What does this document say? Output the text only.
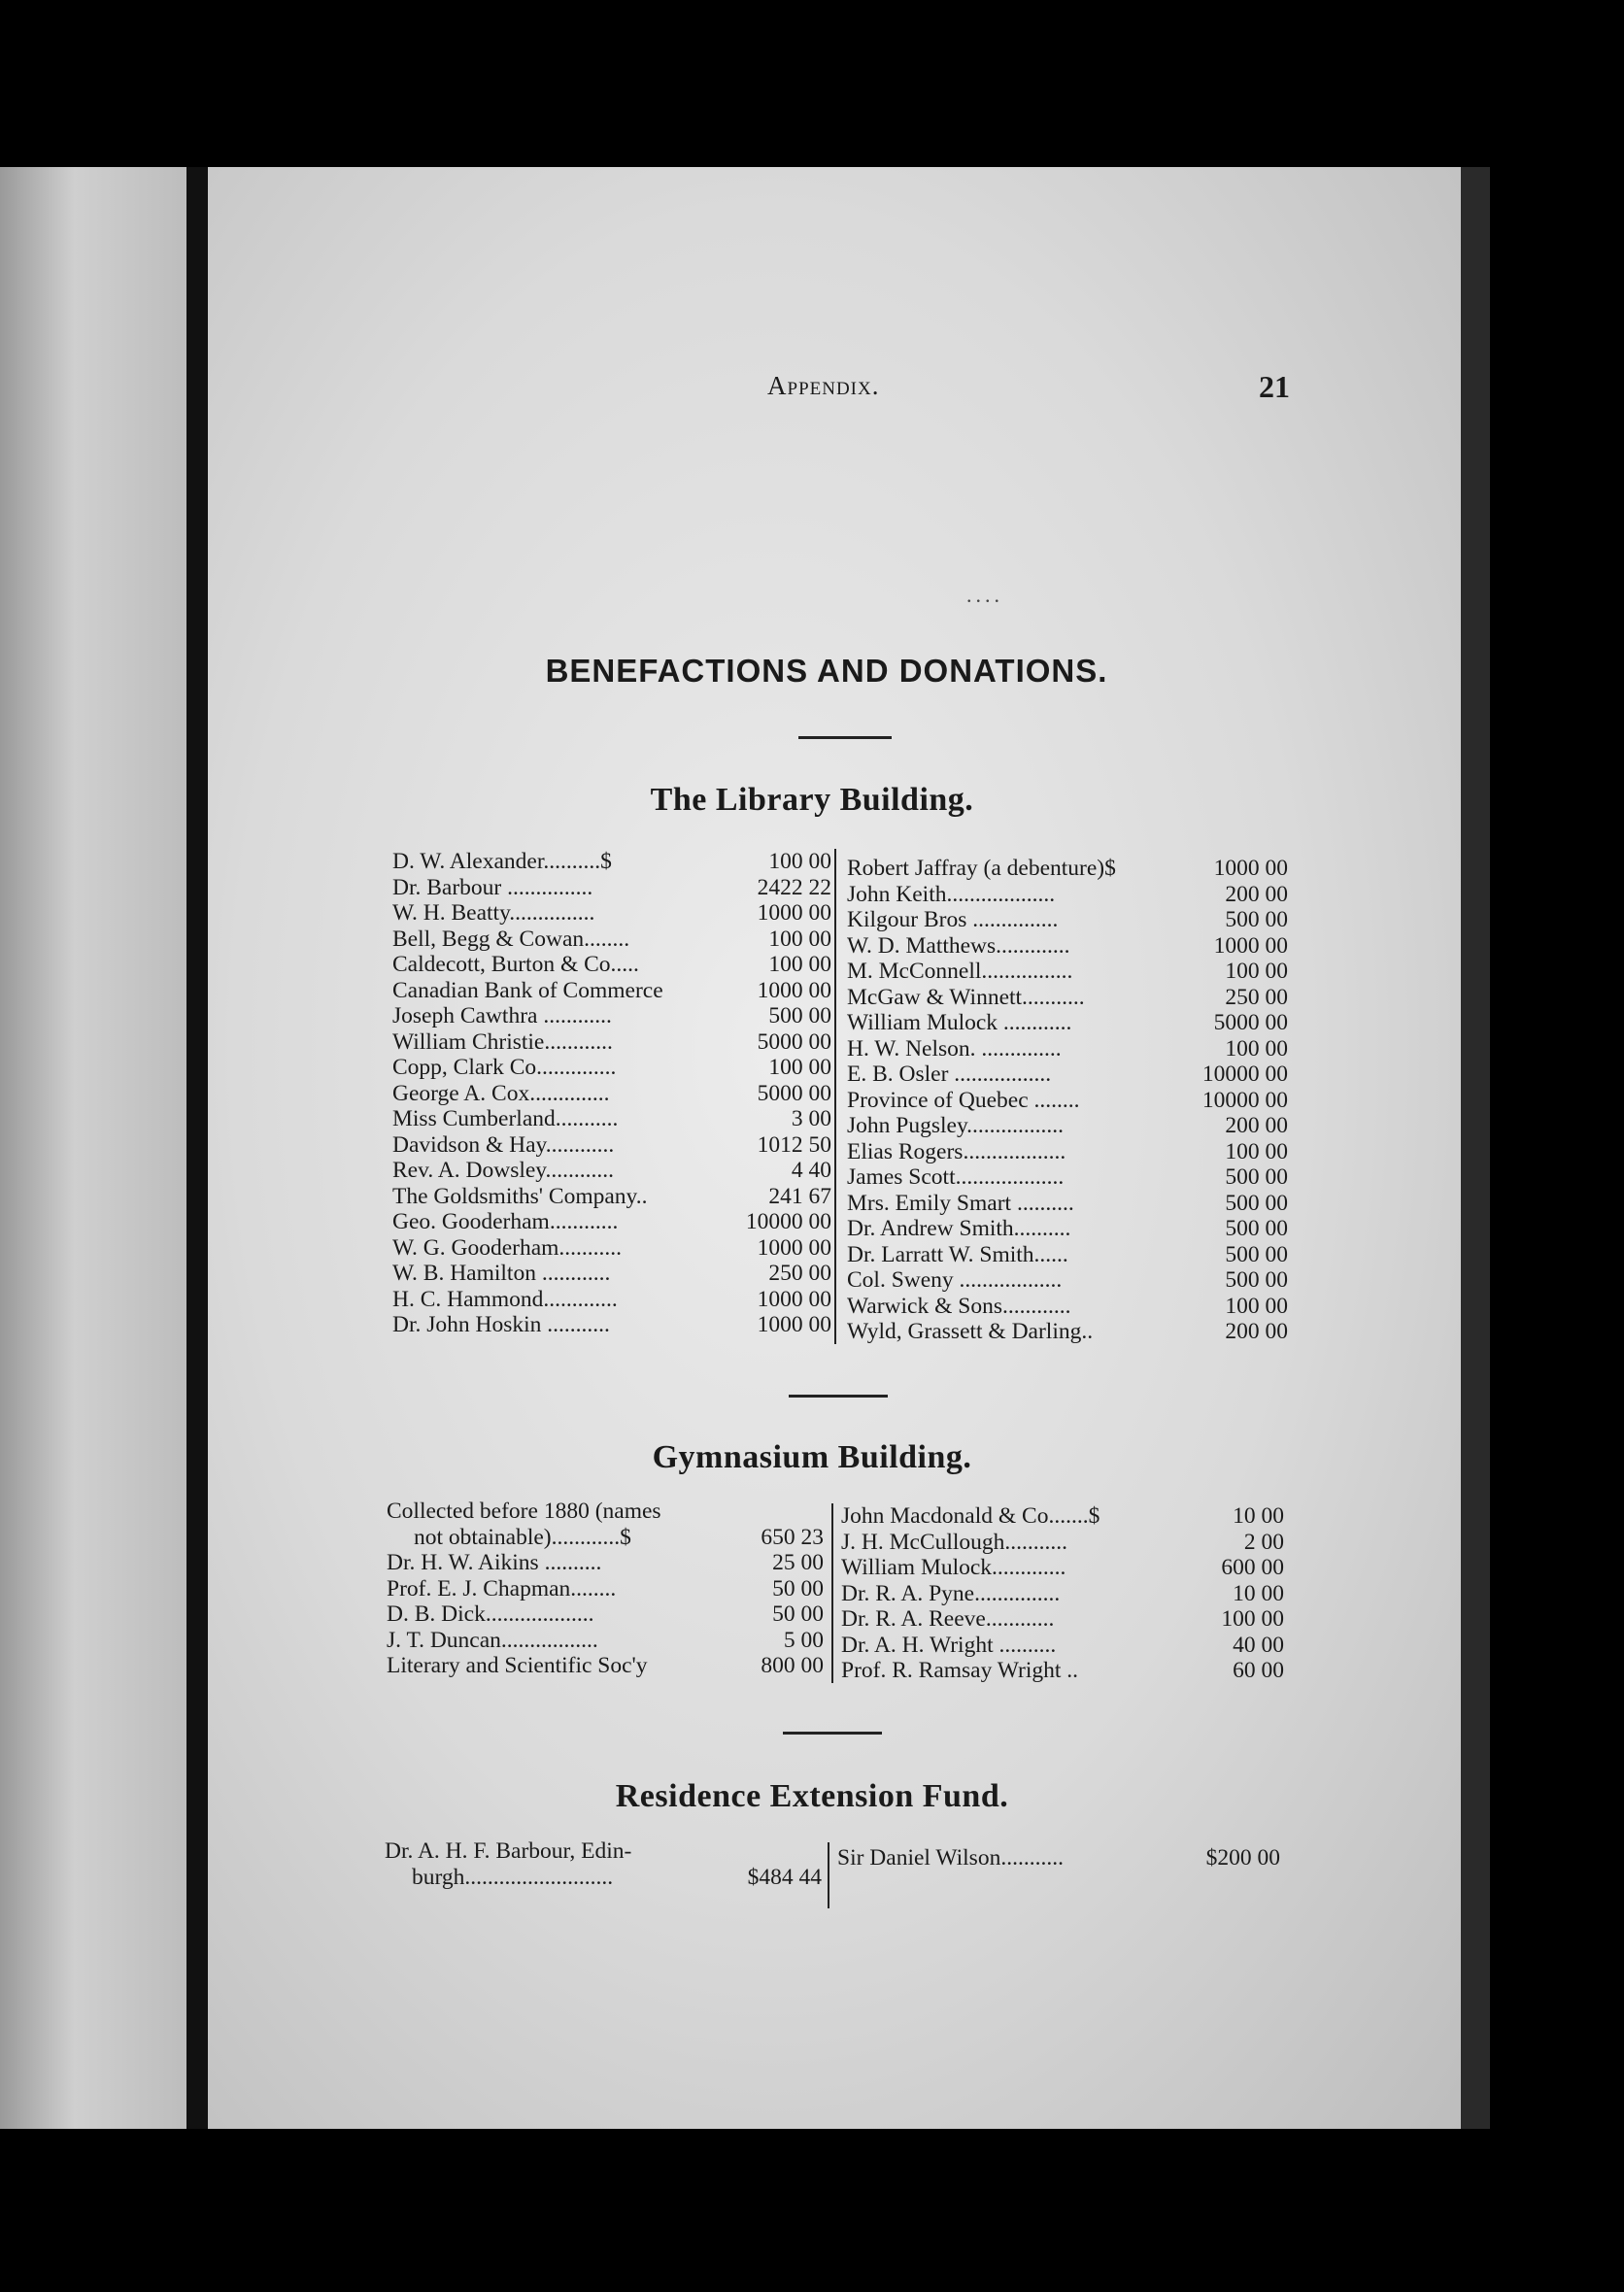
Appendix.	21
....
BENEFACTIONS AND DONATIONS.
The Library Building.
D. W. Alexander..........$	100 00
Dr. Barbour ...............	2422 22
W. H. Beatty...............	1000 00
Bell, Begg & Cowan........	100 00
Caldecott, Burton & Co.....	100 00
Canadian Bank of Commerce	1000 00
Joseph Cawthra ............	500 00
William Christie............	5000 00
Copp, Clark Co..............	100 00
George A. Cox..............	5000 00
Miss Cumberland...........	3 00
Davidson & Hay............	1012 50
Rev. A. Dowsley............	4 40
The Goldsmiths' Company..	241 67
Geo. Gooderham............	10000 00
W. G. Gooderham...........	1000 00
W. B. Hamilton ............	250 00
H. C. Hammond.............	1000 00
Dr. John Hoskin ...........	1000 00
Robert Jaffray (a debenture)$	1000 00
John Keith...................	200 00
Kilgour Bros ...............	500 00
W. D. Matthews.............	1000 00
M. McConnell................	100 00
McGaw & Winnett...........	250 00
William Mulock ............	5000 00
H. W. Nelson. ..............	100 00
E. B. Osler .................	10000 00
Province of Quebec ........	10000 00
John Pugsley.................	200 00
Elias Rogers..................	100 00
James Scott...................	500 00
Mrs. Emily Smart ..........	500 00
Dr. Andrew Smith..........	500 00
Dr. Larratt W. Smith......	500 00
Col. Sweny ..................	500 00
Warwick & Sons............	100 00
Wyld, Grassett & Darling..	200 00
Gymnasium Building.
Collected before 1880 (names
not obtainable)............$	650 23
Dr. H. W. Aikins ..........	25 00
Prof. E. J. Chapman........	50 00
D. B. Dick...................	50 00
J. T. Duncan.................	5 00
Literary and Scientific Soc'y	800 00
John Macdonald & Co.......$	10 00
J. H. McCullough...........	2 00
William Mulock.............	600 00
Dr. R. A. Pyne...............	10 00
Dr. R. A. Reeve............	100 00
Dr. A. H. Wright ..........	40 00
Prof. R. Ramsay Wright ..	60 00
Residence Extension Fund.
Dr. A. H. F. Barbour, Edin-
burgh..........................	$484 44
Sir Daniel Wilson...........	$200 00
